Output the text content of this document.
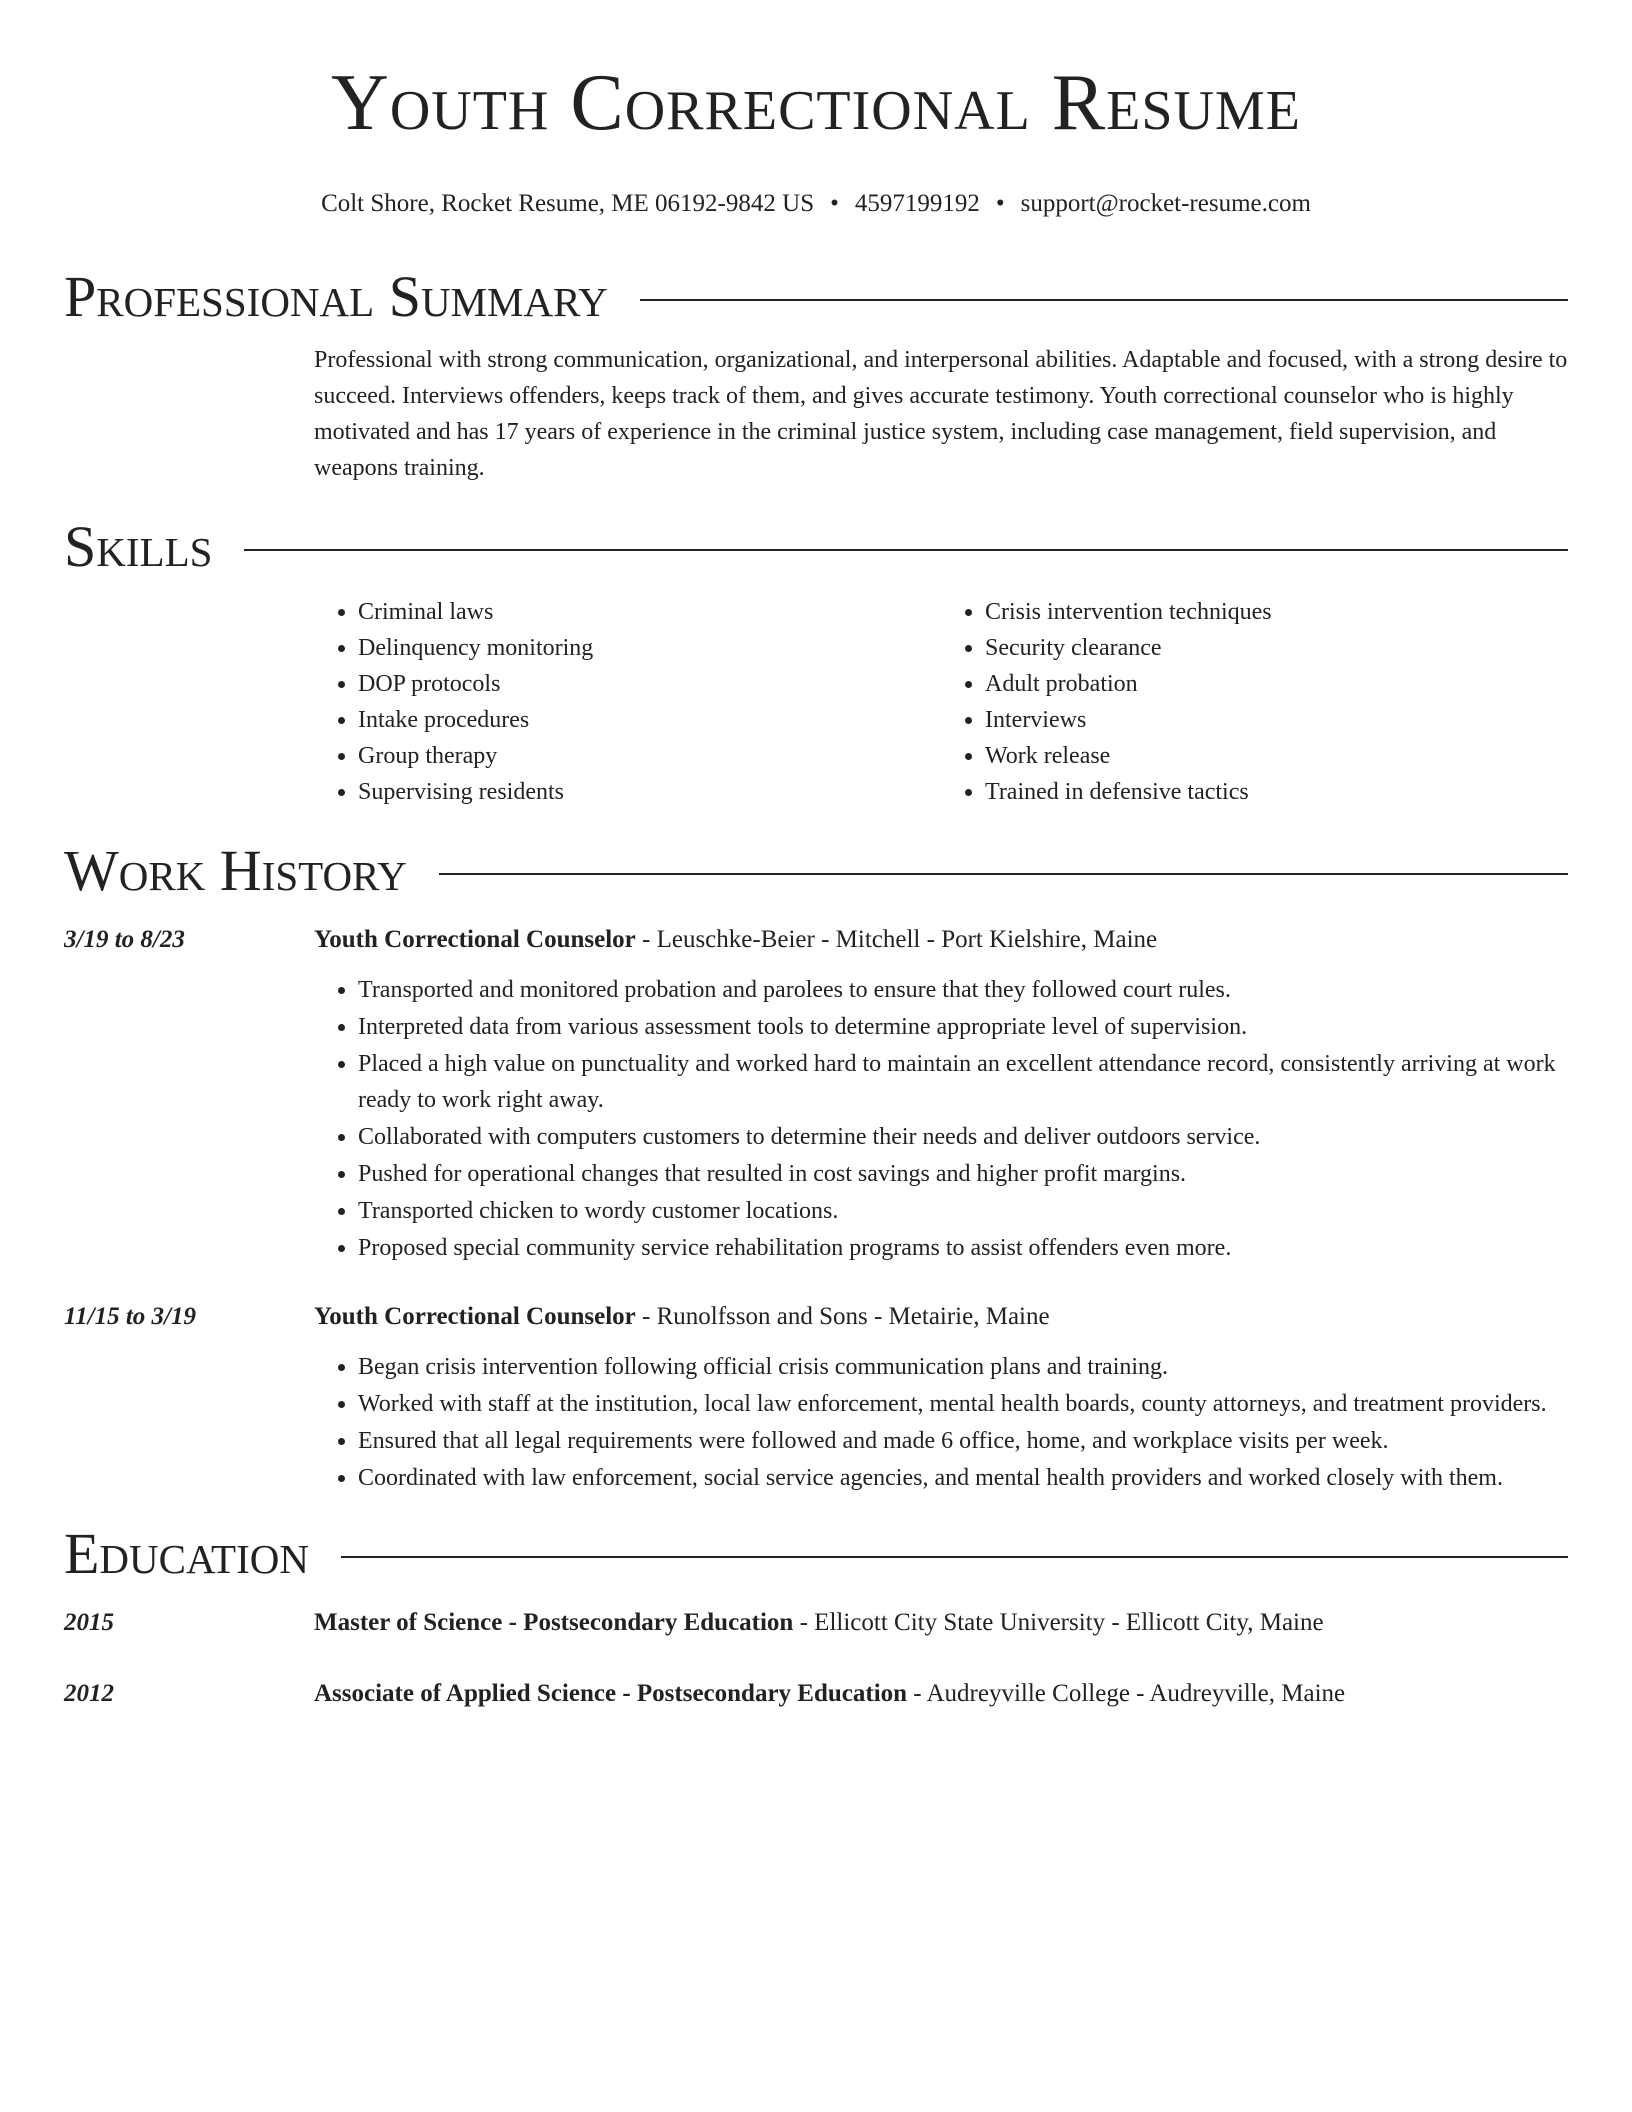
Youth Correctional Resume
Colt Shore, Rocket Resume, ME 06192-9842 US • 4597199192 • support@rocket-resume.com
Professional Summary
Professional with strong communication, organizational, and interpersonal abilities. Adaptable and focused, with a strong desire to succeed. Interviews offenders, keeps track of them, and gives accurate testimony. Youth correctional counselor who is highly motivated and has 17 years of experience in the criminal justice system, including case management, field supervision, and weapons training.
Skills
• Criminal laws
• Delinquency monitoring
• DOP protocols
• Intake procedures
• Group therapy
• Supervising residents
• Crisis intervention techniques
• Security clearance
• Adult probation
• Interviews
• Work release
• Trained in defensive tactics
Work History
3/19 to 8/23	Youth Correctional Counselor - Leuschke-Beier - Mitchell - Port Kielshire, Maine
• Transported and monitored probation and parolees to ensure that they followed court rules.
• Interpreted data from various assessment tools to determine appropriate level of supervision.
• Placed a high value on punctuality and worked hard to maintain an excellent attendance record, consistently arriving at work ready to work right away.
• Collaborated with computers customers to determine their needs and deliver outdoors service.
• Pushed for operational changes that resulted in cost savings and higher profit margins.
• Transported chicken to wordy customer locations.
• Proposed special community service rehabilitation programs to assist offenders even more.
11/15 to 3/19	Youth Correctional Counselor - Runolfsson and Sons - Metairie, Maine
• Began crisis intervention following official crisis communication plans and training.
• Worked with staff at the institution, local law enforcement, mental health boards, county attorneys, and treatment providers.
• Ensured that all legal requirements were followed and made 6 office, home, and workplace visits per week.
• Coordinated with law enforcement, social service agencies, and mental health providers and worked closely with them.
Education
2015	Master of Science - Postsecondary Education - Ellicott City State University - Ellicott City, Maine
2012	Associate of Applied Science - Postsecondary Education - Audreyville College - Audreyville, Maine
